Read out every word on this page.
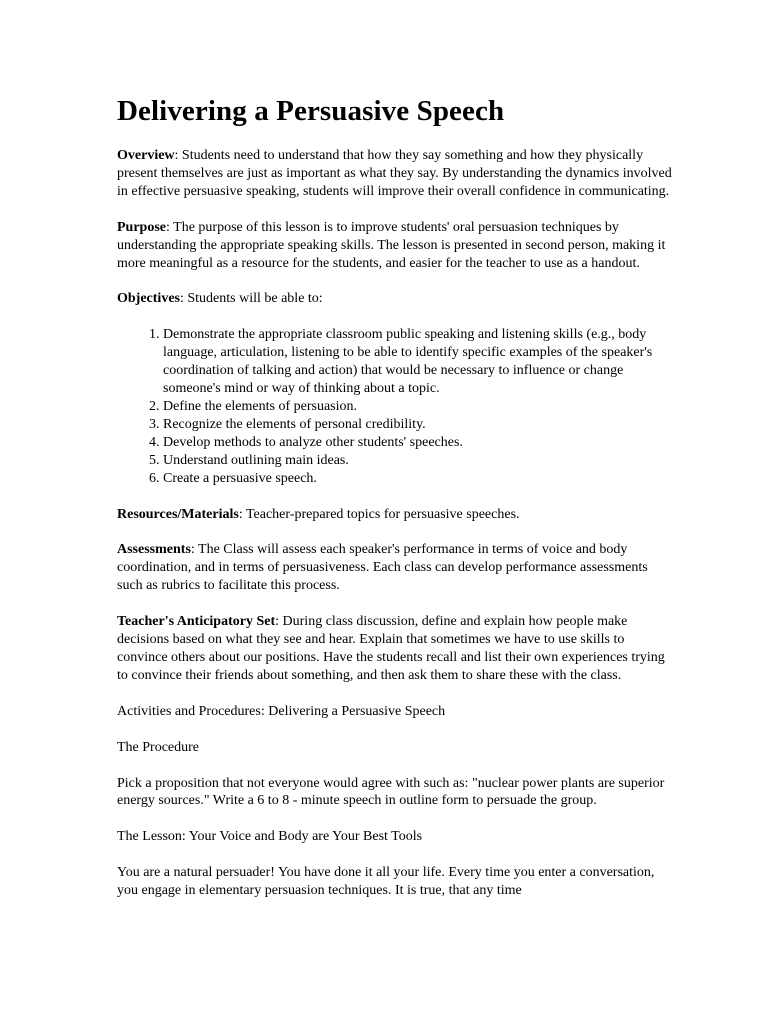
Delivering a Persuasive Speech

Overview: Students need to understand that how they say something and how they physically present themselves are just as important as what they say. By understanding the dynamics involved in effective persuasive speaking, students will improve their overall confidence in communicating.

Purpose: The purpose of this lesson is to improve students' oral persuasion techniques by understanding the appropriate speaking skills. The lesson is presented in second person, making it more meaningful as a resource for the students, and easier for the teacher to use as a handout.

Objectives: Students will be able to:

1. Demonstrate the appropriate classroom public speaking and listening skills (e.g., body language, articulation, listening to be able to identify specific examples of the speaker's coordination of talking and action) that would be necessary to influence or change someone's mind or way of thinking about a topic.
2. Define the elements of persuasion.
3. Recognize the elements of personal credibility.
4. Develop methods to analyze other students' speeches.
5. Understand outlining main ideas.
6. Create a persuasive speech.

Resources/Materials: Teacher-prepared topics for persuasive speeches.

Assessments: The Class will assess each speaker's performance in terms of voice and body coordination, and in terms of persuasiveness. Each class can develop performance assessments such as rubrics to facilitate this process.

Teacher's Anticipatory Set: During class discussion, define and explain how people make decisions based on what they see and hear. Explain that sometimes we have to use skills to convince others about our positions. Have the students recall and list their own experiences trying to convince their friends about something, and then ask them to share these with the class.

Activities and Procedures: Delivering a Persuasive Speech

The Procedure

Pick a proposition that not everyone would agree with such as: "nuclear power plants are superior energy sources." Write a 6 to 8 - minute speech in outline form to persuade the group.

The Lesson: Your Voice and Body are Your Best Tools

You are a natural persuader! You have done it all your life. Every time you enter a conversation, you engage in elementary persuasion techniques. It is true, that any time
